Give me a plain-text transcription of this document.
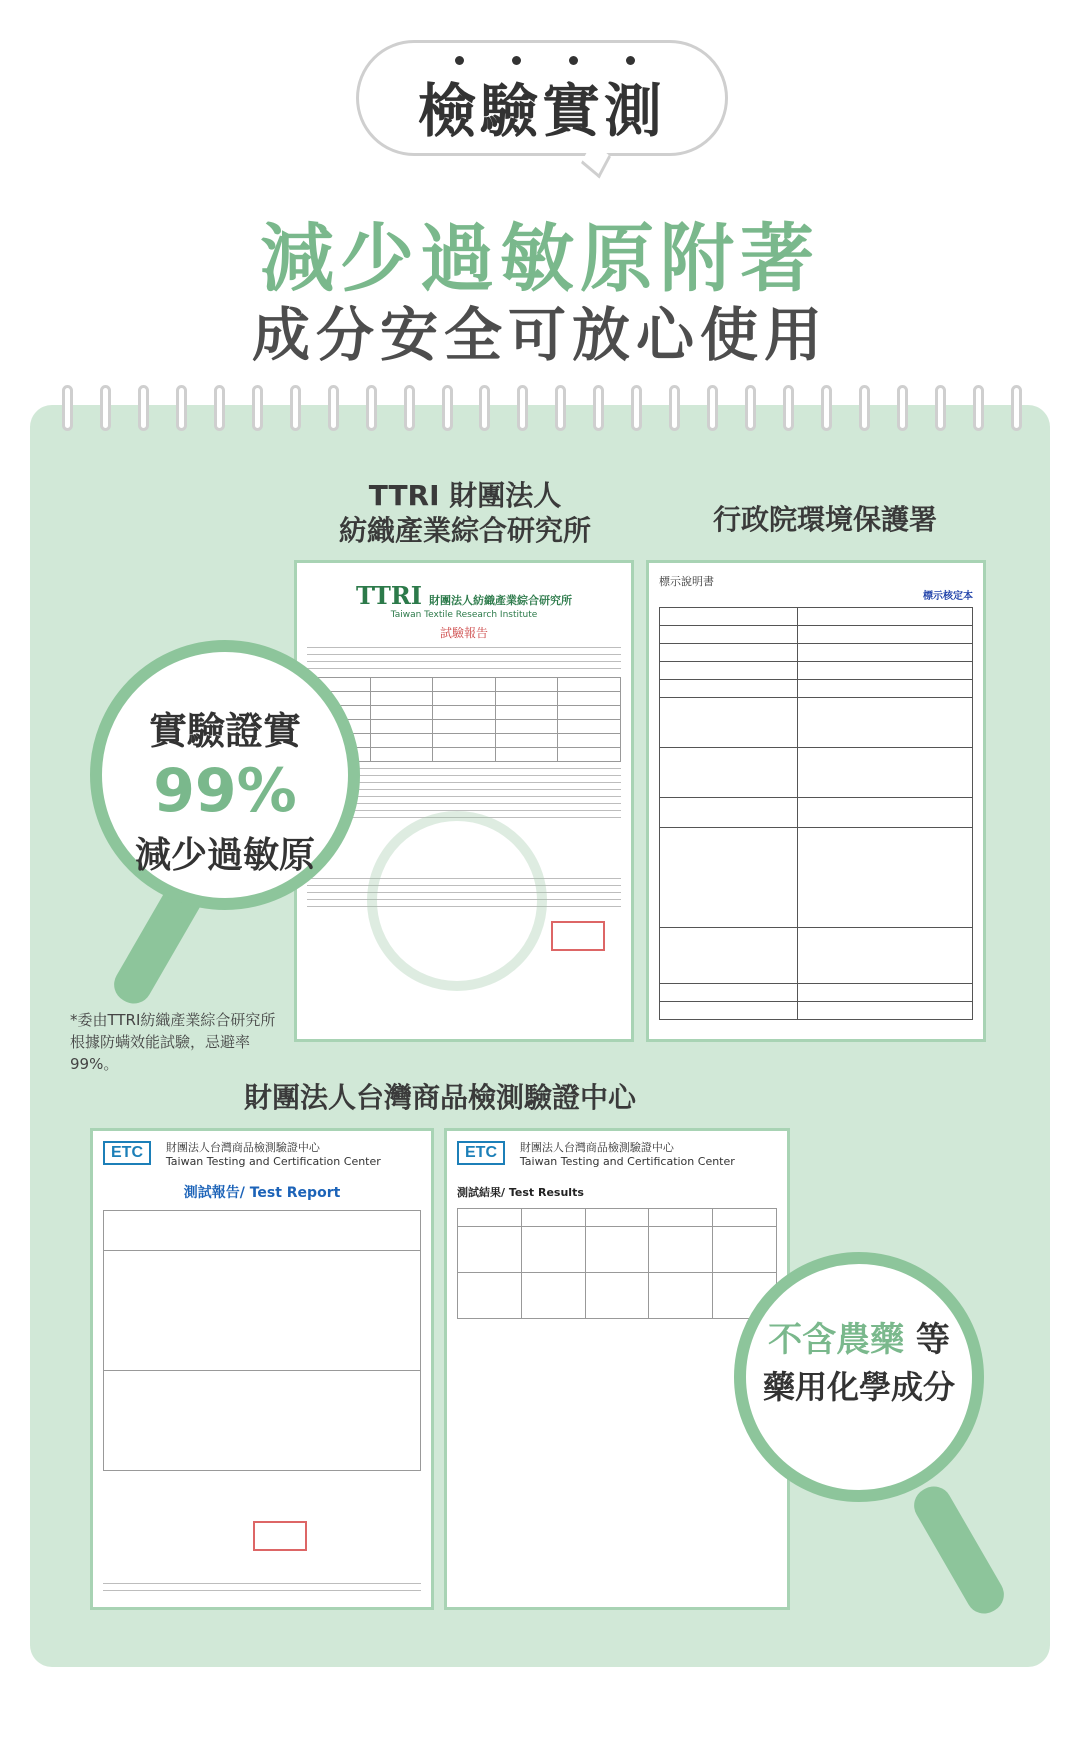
檢驗實測
減少過敏原附著
成分安全可放心使用
TTRI 財團法人
紡織產業綜合研究所	行政院環境保護署
財團法人台灣商品檢測驗證中心
TTRI 財團法人紡織產業綜合研究所
Taiwan Textile Research Institute
試驗報告

標示說明書
標示核定本

ETC 財團法人台灣商品檢測驗證中心
Taiwan Testing and Certification Center
測試報告/ Test Report

ETC 財團法人台灣商品檢測驗證中心
Taiwan Testing and Certification Center
測試結果/ Test Results

實驗證實
99%
減少過敏原
*委由TTRI紡織產業綜合研究所根據防螨效能試驗，忌避率99%。
不含農藥 等
藥用化學成分
